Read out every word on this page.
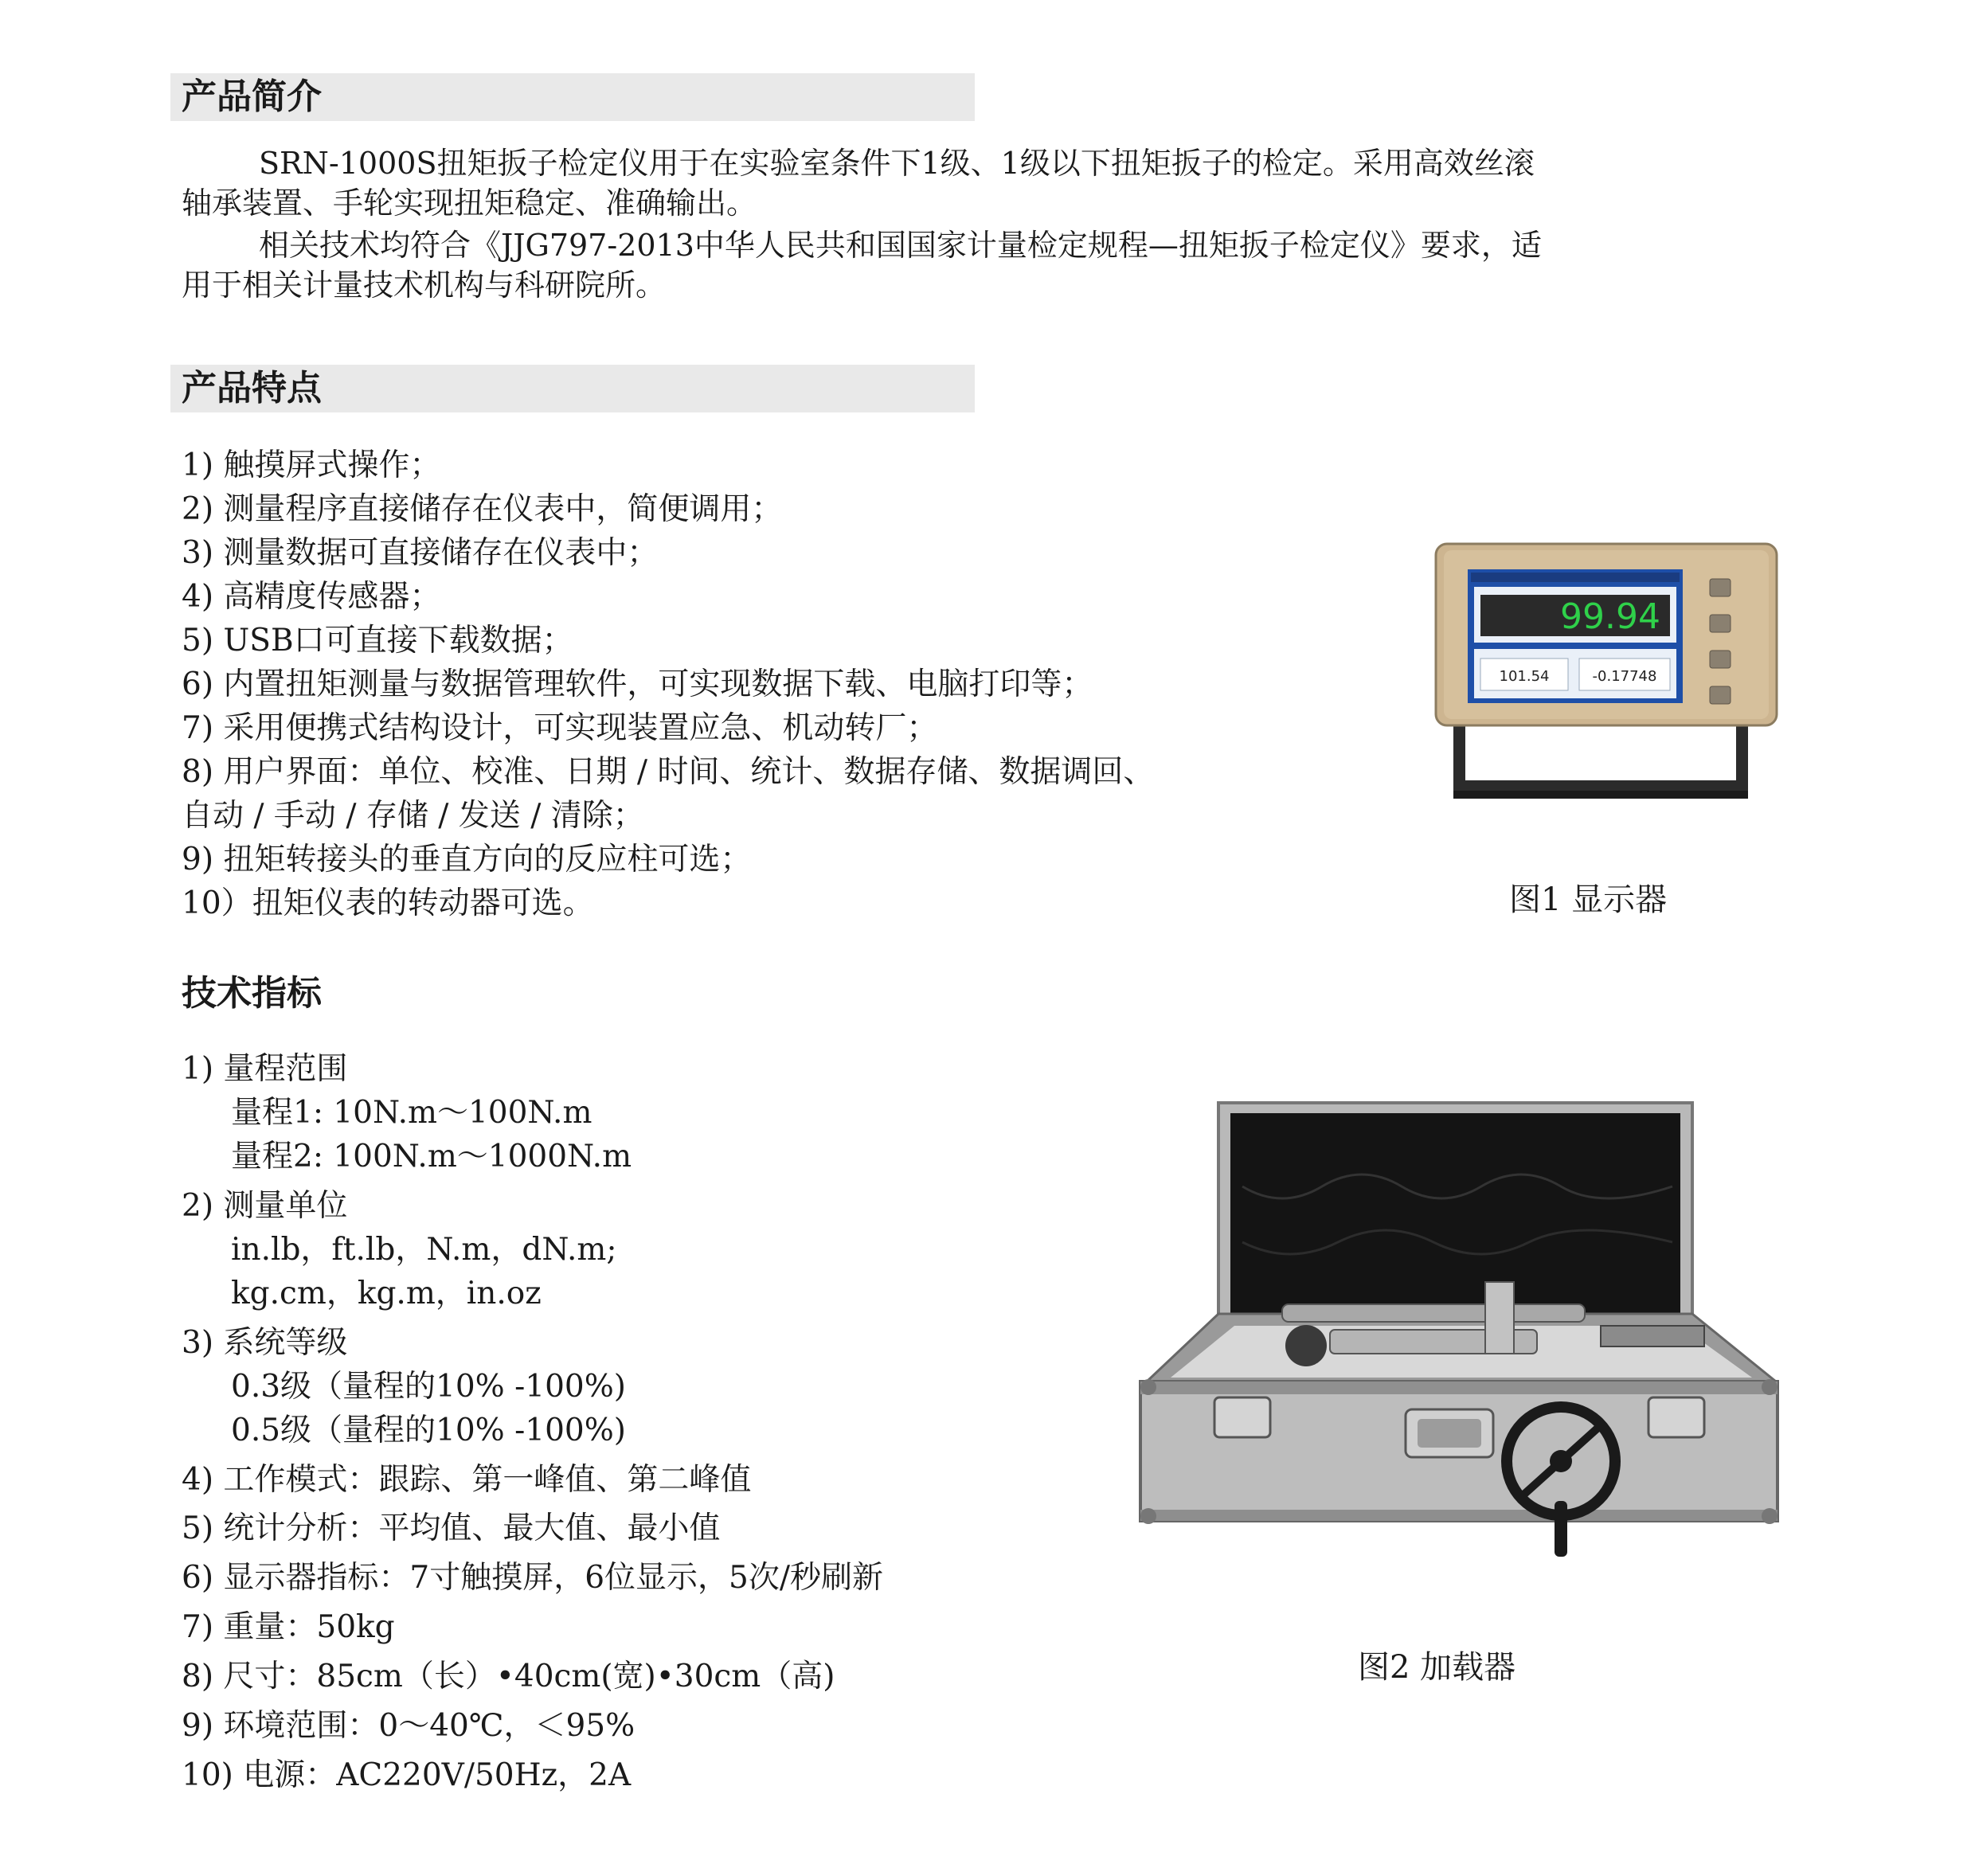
产品简介
SRN-1000S扭矩扳子检定仪用于在实验室条件下1级、1级以下扭矩扳子的检定。采用高效丝滚
轴承装置、手轮实现扭矩稳定、准确输出。
相关技术均符合《JJG797-2013中华人民共和国国家计量检定规程—扭矩扳子检定仪》要求，适
用于相关计量技术机构与科研院所。
产品特点
1) 触摸屏式操作；
2) 测量程序直接储存在仪表中，简便调用；
3) 测量数据可直接储存在仪表中；
4) 高精度传感器；
5) USB口可直接下载数据；
6) 内置扭矩测量与数据管理软件，可实现数据下载、电脑打印等；
7) 采用便携式结构设计，可实现装置应急、机动转厂；
8) 用户界面：单位、校准、日期 / 时间、统计、数据存储、数据调回、
自动 / 手动 / 存储 / 发送 / 清除；
9) 扭矩转接头的垂直方向的反应柱可选；
10）扭矩仪表的转动器可选。
99.94
101.54	-0.17748
图1 显示器
技术指标
1) 量程范围
量程1: 10N.m～100N.m
量程2: 100N.m～1000N.m
2) 测量单位
in.lb，ft.lb，N.m，dN.m;
kg.cm，kg.m，in.oz
3) 系统等级
0.3级（量程的10% -100%)
0.5级（量程的10% -100%)
4) 工作模式：跟踪、第一峰值、第二峰值
5) 统计分析：平均值、最大值、最小值
6) 显示器指标：7寸触摸屏，6位显示，5次/秒刷新
7) 重量：50kg
8) 尺寸：85cm（长）•40cm(宽)•30cm（高)
9) 环境范围：0～40℃，＜95%
10) 电源：AC220V/50Hz，2A
图2 加载器
